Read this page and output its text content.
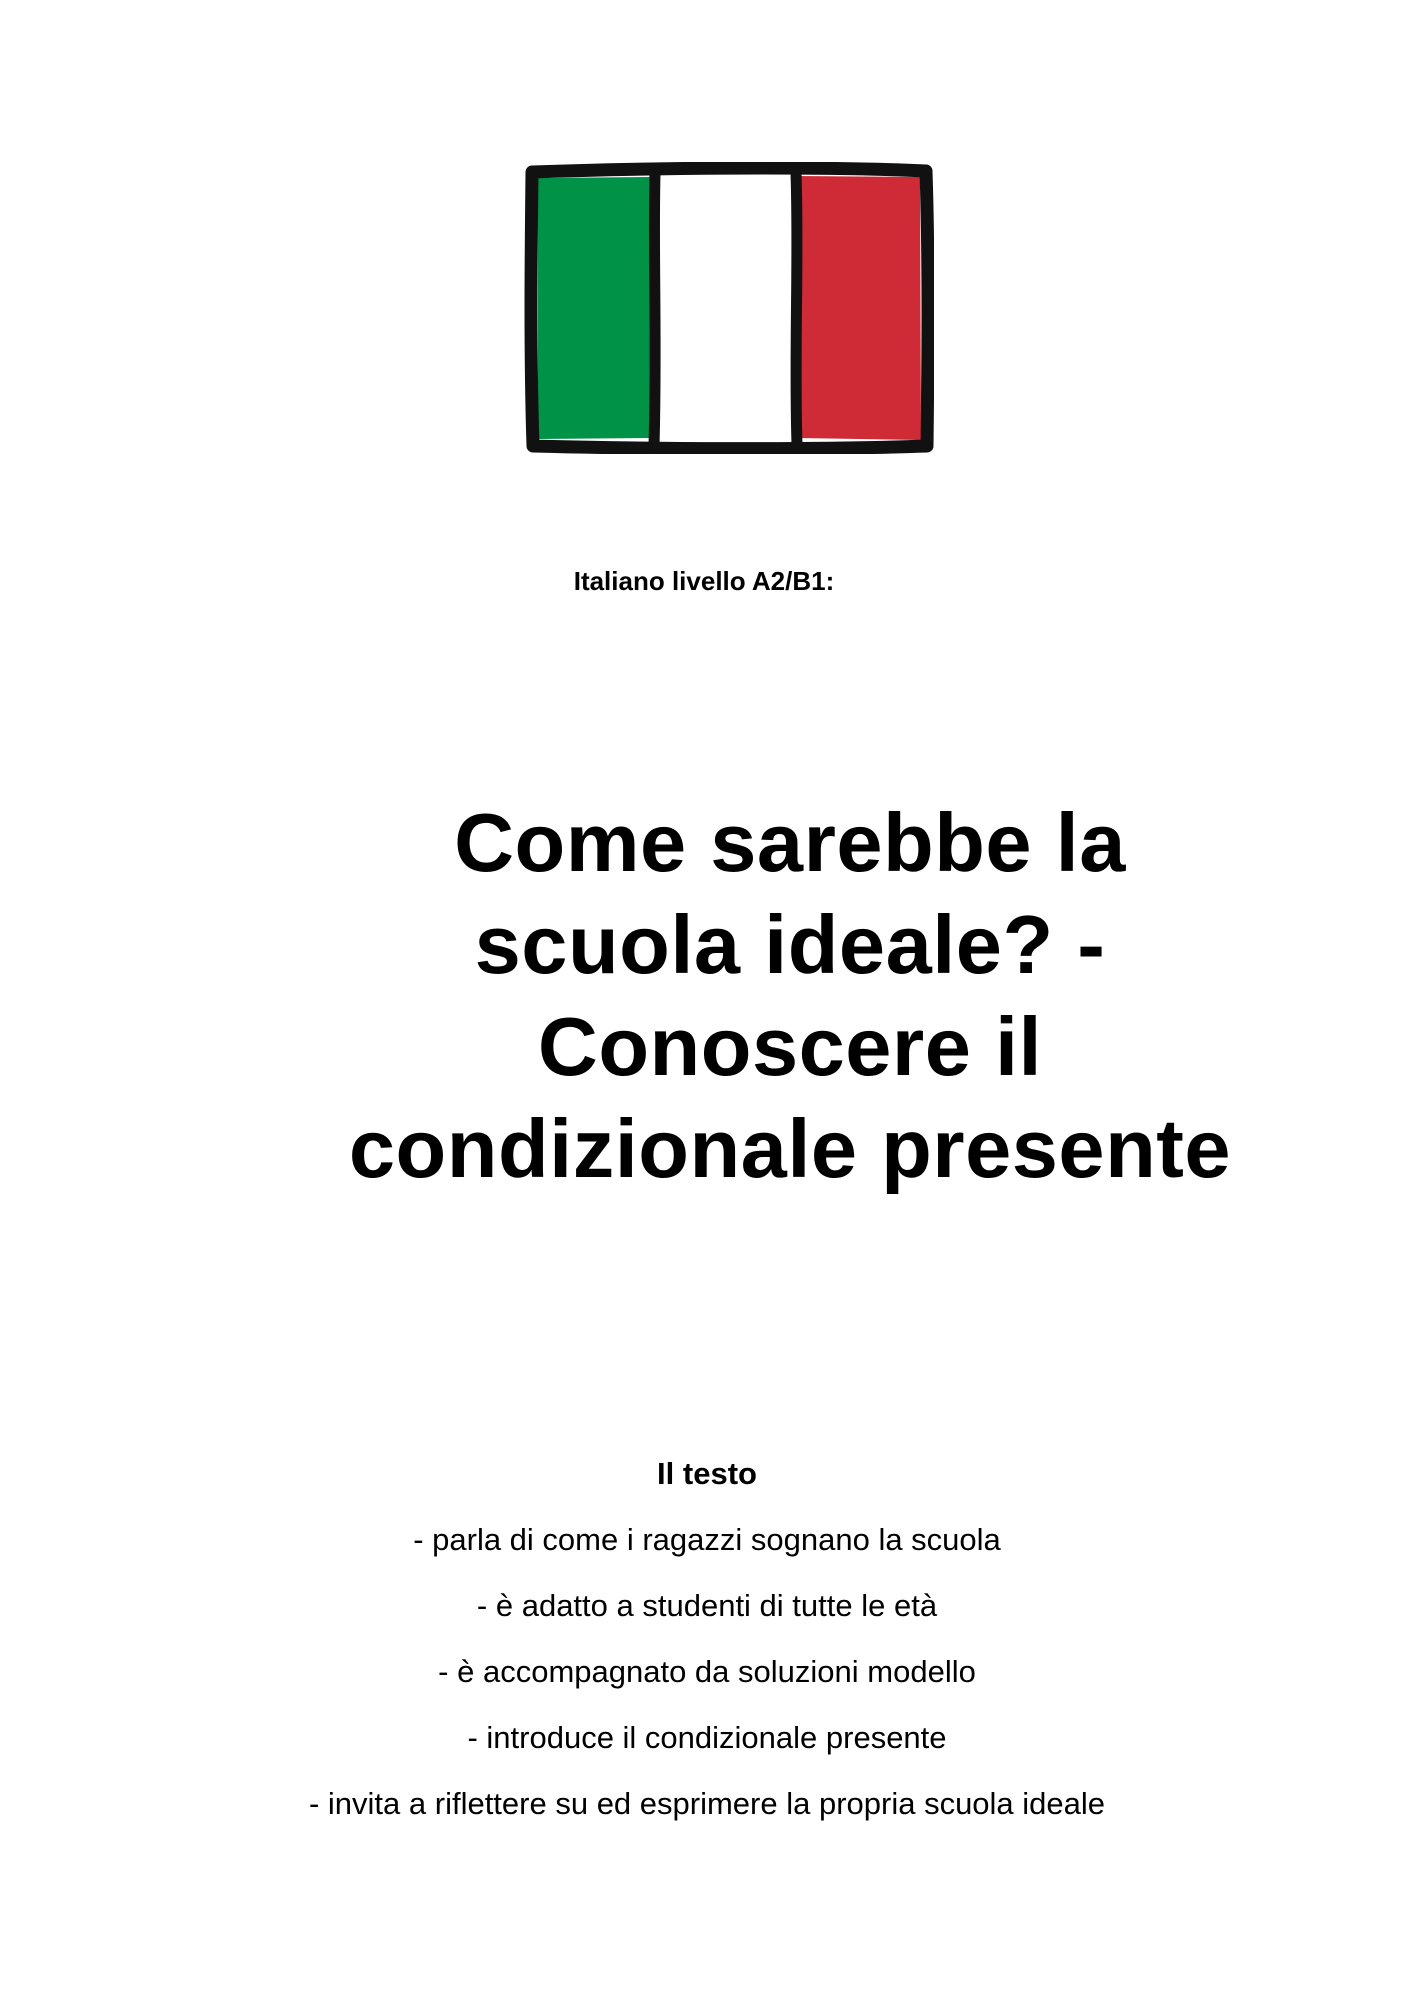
Italiano livello A2/B1:
Come sarebbe la
scuola ideale? -
Conoscere il
condizionale presente
Il testo
- parla di come i ragazzi sognano la scuola
- è adatto a studenti di tutte le età
- è accompagnato da soluzioni modello
- introduce il condizionale presente
- invita a riflettere su ed esprimere la propria scuola ideale
